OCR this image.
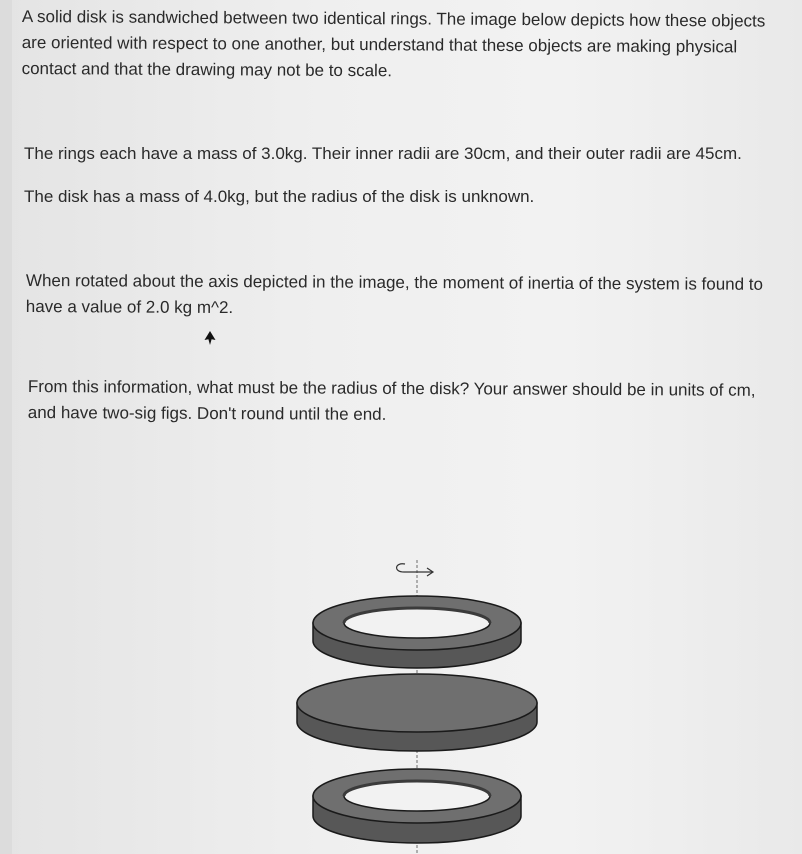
A solid disk is sandwiched between two identical rings. The image below depicts how these objects
are oriented with respect to one another, but understand that these objects are making physical
contact and that the drawing may not be to scale.

The rings each have a mass of 3.0kg. Their inner radii are 30cm, and their outer radii are 45cm.

The disk has a mass of 4.0kg, but the radius of the disk is unknown.

When rotated about the axis depicted in the image, the moment of inertia of the system is found to
have a value of 2.0 kg m^2.

From this information, what must be the radius of the disk? Your answer should be in units of cm,
and have two-sig figs. Don't round until the end.
